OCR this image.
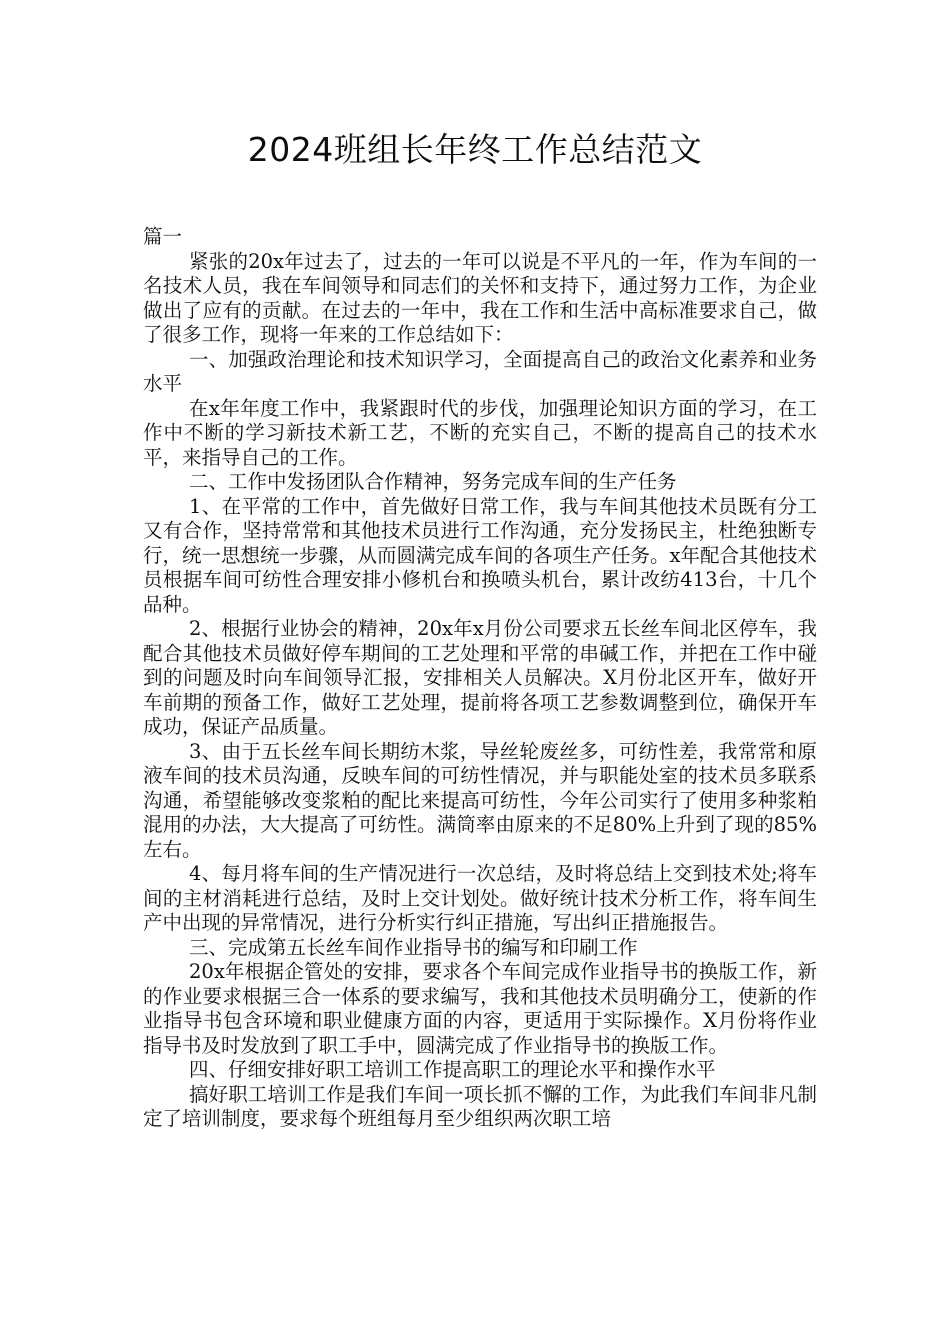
2024班组长年终工作总结范文

篇一

紧张的20x年过去了，过去的一年可以说是不平凡的一年，作为车间的一名技术人员，我在车间领导和同志们的关怀和支持下，通过努力工作，为企业做出了应有的贡献。在过去的一年中，我在工作和生活中高标准要求自己，做了很多工作，现将一年来的工作总结如下：

一、加强政治理论和技术知识学习，全面提高自己的政治文化素养和业务水平

在x年年度工作中，我紧跟时代的步伐，加强理论知识方面的学习，在工作中不断的学习新技术新工艺，不断的充实自己，不断的提高自己的技术水平，来指导自己的工作。

二、工作中发扬团队合作精神，努务完成车间的生产任务

1、在平常的工作中，首先做好日常工作，我与车间其他技术员既有分工又有合作，坚持常常和其他技术员进行工作沟通，充分发扬民主，杜绝独断专行，统一思想统一步骤，从而圆满完成车间的各项生产任务。x年配合其他技术员根据车间可纺性合理安排小修机台和换喷头机台，累计改纺413台，十几个品种。

2、根据行业协会的精神，20x年x月份公司要求五长丝车间北区停车，我配合其他技术员做好停车期间的工艺处理和平常的串碱工作，并把在工作中碰到的问题及时向车间领导汇报，安排相关人员解决。X月份北区开车，做好开车前期的预备工作，做好工艺处理，提前将各项工艺参数调整到位，确保开车成功，保证产品质量。

3、由于五长丝车间长期纺木浆，导丝轮废丝多，可纺性差，我常常和原液车间的技术员沟通，反映车间的可纺性情况，并与职能处室的技术员多联系沟通，希望能够改变浆粕的配比来提高可纺性，今年公司实行了使用多种浆粕混用的办法，大大提高了可纺性。满筒率由原来的不足80%上升到了现的85%左右。

4、每月将车间的生产情况进行一次总结，及时将总结上交到技术处;将车间的主材消耗进行总结，及时上交计划处。做好统计技术分析工作，将车间生产中出现的异常情况，进行分析实行纠正措施，写出纠正措施报告。

三、完成第五长丝车间作业指导书的编写和印刷工作

20x年根据企管处的安排，要求各个车间完成作业指导书的换版工作，新的作业要求根据三合一体系的要求编写，我和其他技术员明确分工，使新的作业指导书包含环境和职业健康方面的内容，更适用于实际操作。X月份将作业指导书及时发放到了职工手中，圆满完成了作业指导书的换版工作。

四、仔细安排好职工培训工作提高职工的理论水平和操作水平

搞好职工培训工作是我们车间一项长抓不懈的工作，为此我们车间非凡制定了培训制度，要求每个班组每月至少组织两次职工培
